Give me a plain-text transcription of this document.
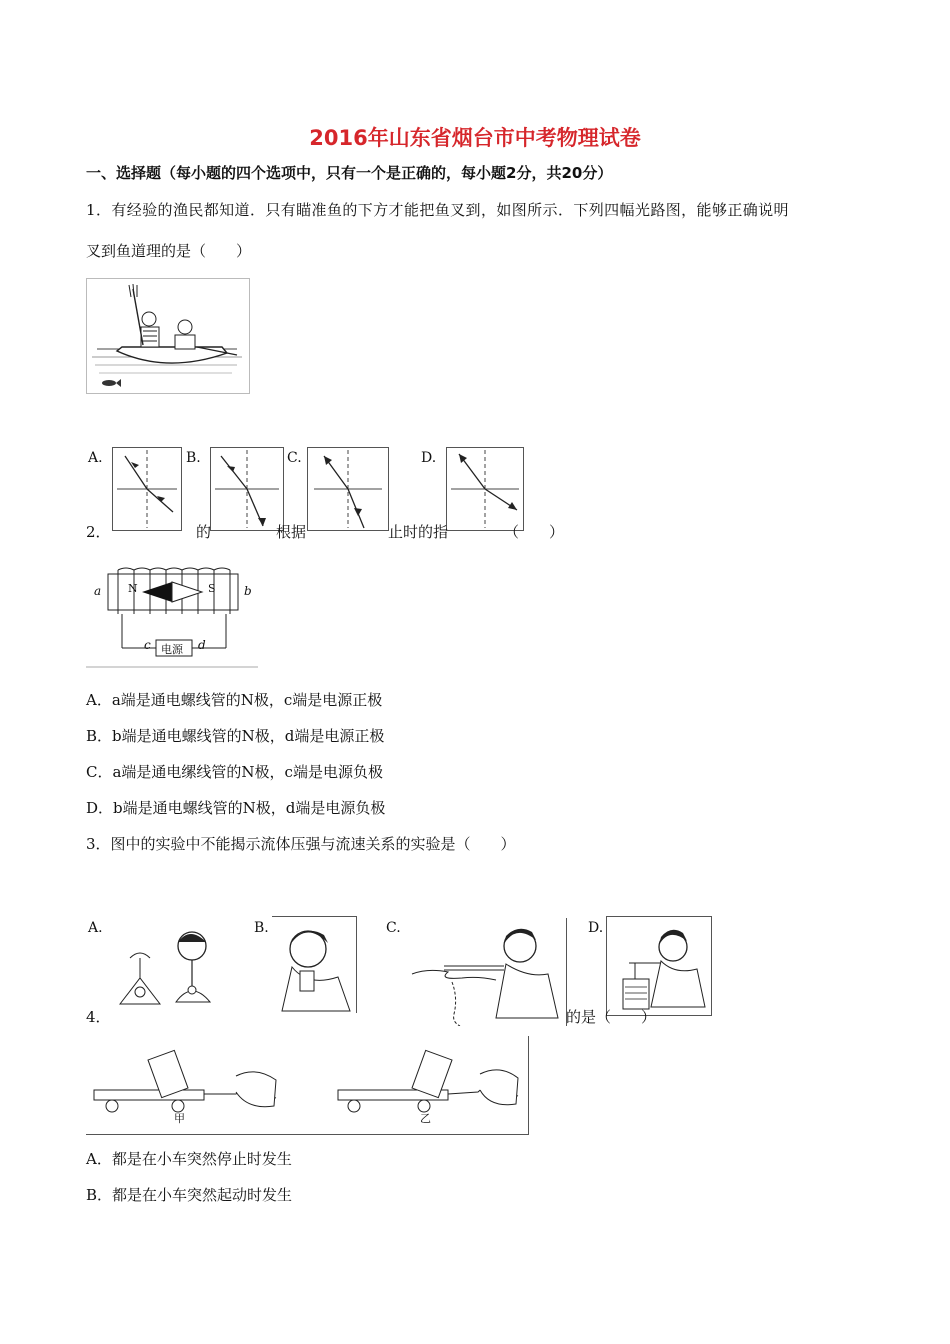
2016年山东省烟台市中考物理试卷
一、选择题（每小题的四个选项中，只有一个是正确的，每小题2分，共20分）
1．有经验的渔民都知道．只有瞄准鱼的下方才能把鱼叉到，如图所示．下列四幅光路图，能够正确说明
叉到鱼道理的是（　　）
A.	B.	C.	D.
2．	的	根据	止时的指	（　　）
a	b
N	S
c	d
电源
A．a端是通电螺线管的N极，c端是电源正极
B．b端是通电螺线管的N极，d端是电源正极
C．a端是通电缧线管的N极，c端是电源负极
D．b端是通电螺线管的N极，d端是电源负极
3．图中的实验中不能揭示流体压强与流速关系的实验是（　　）
A.	B.	C.	D.
4．	的是（　　）
甲	乙
A．都是在小车突然停止时发生
B．都是在小车突然起动时发生
